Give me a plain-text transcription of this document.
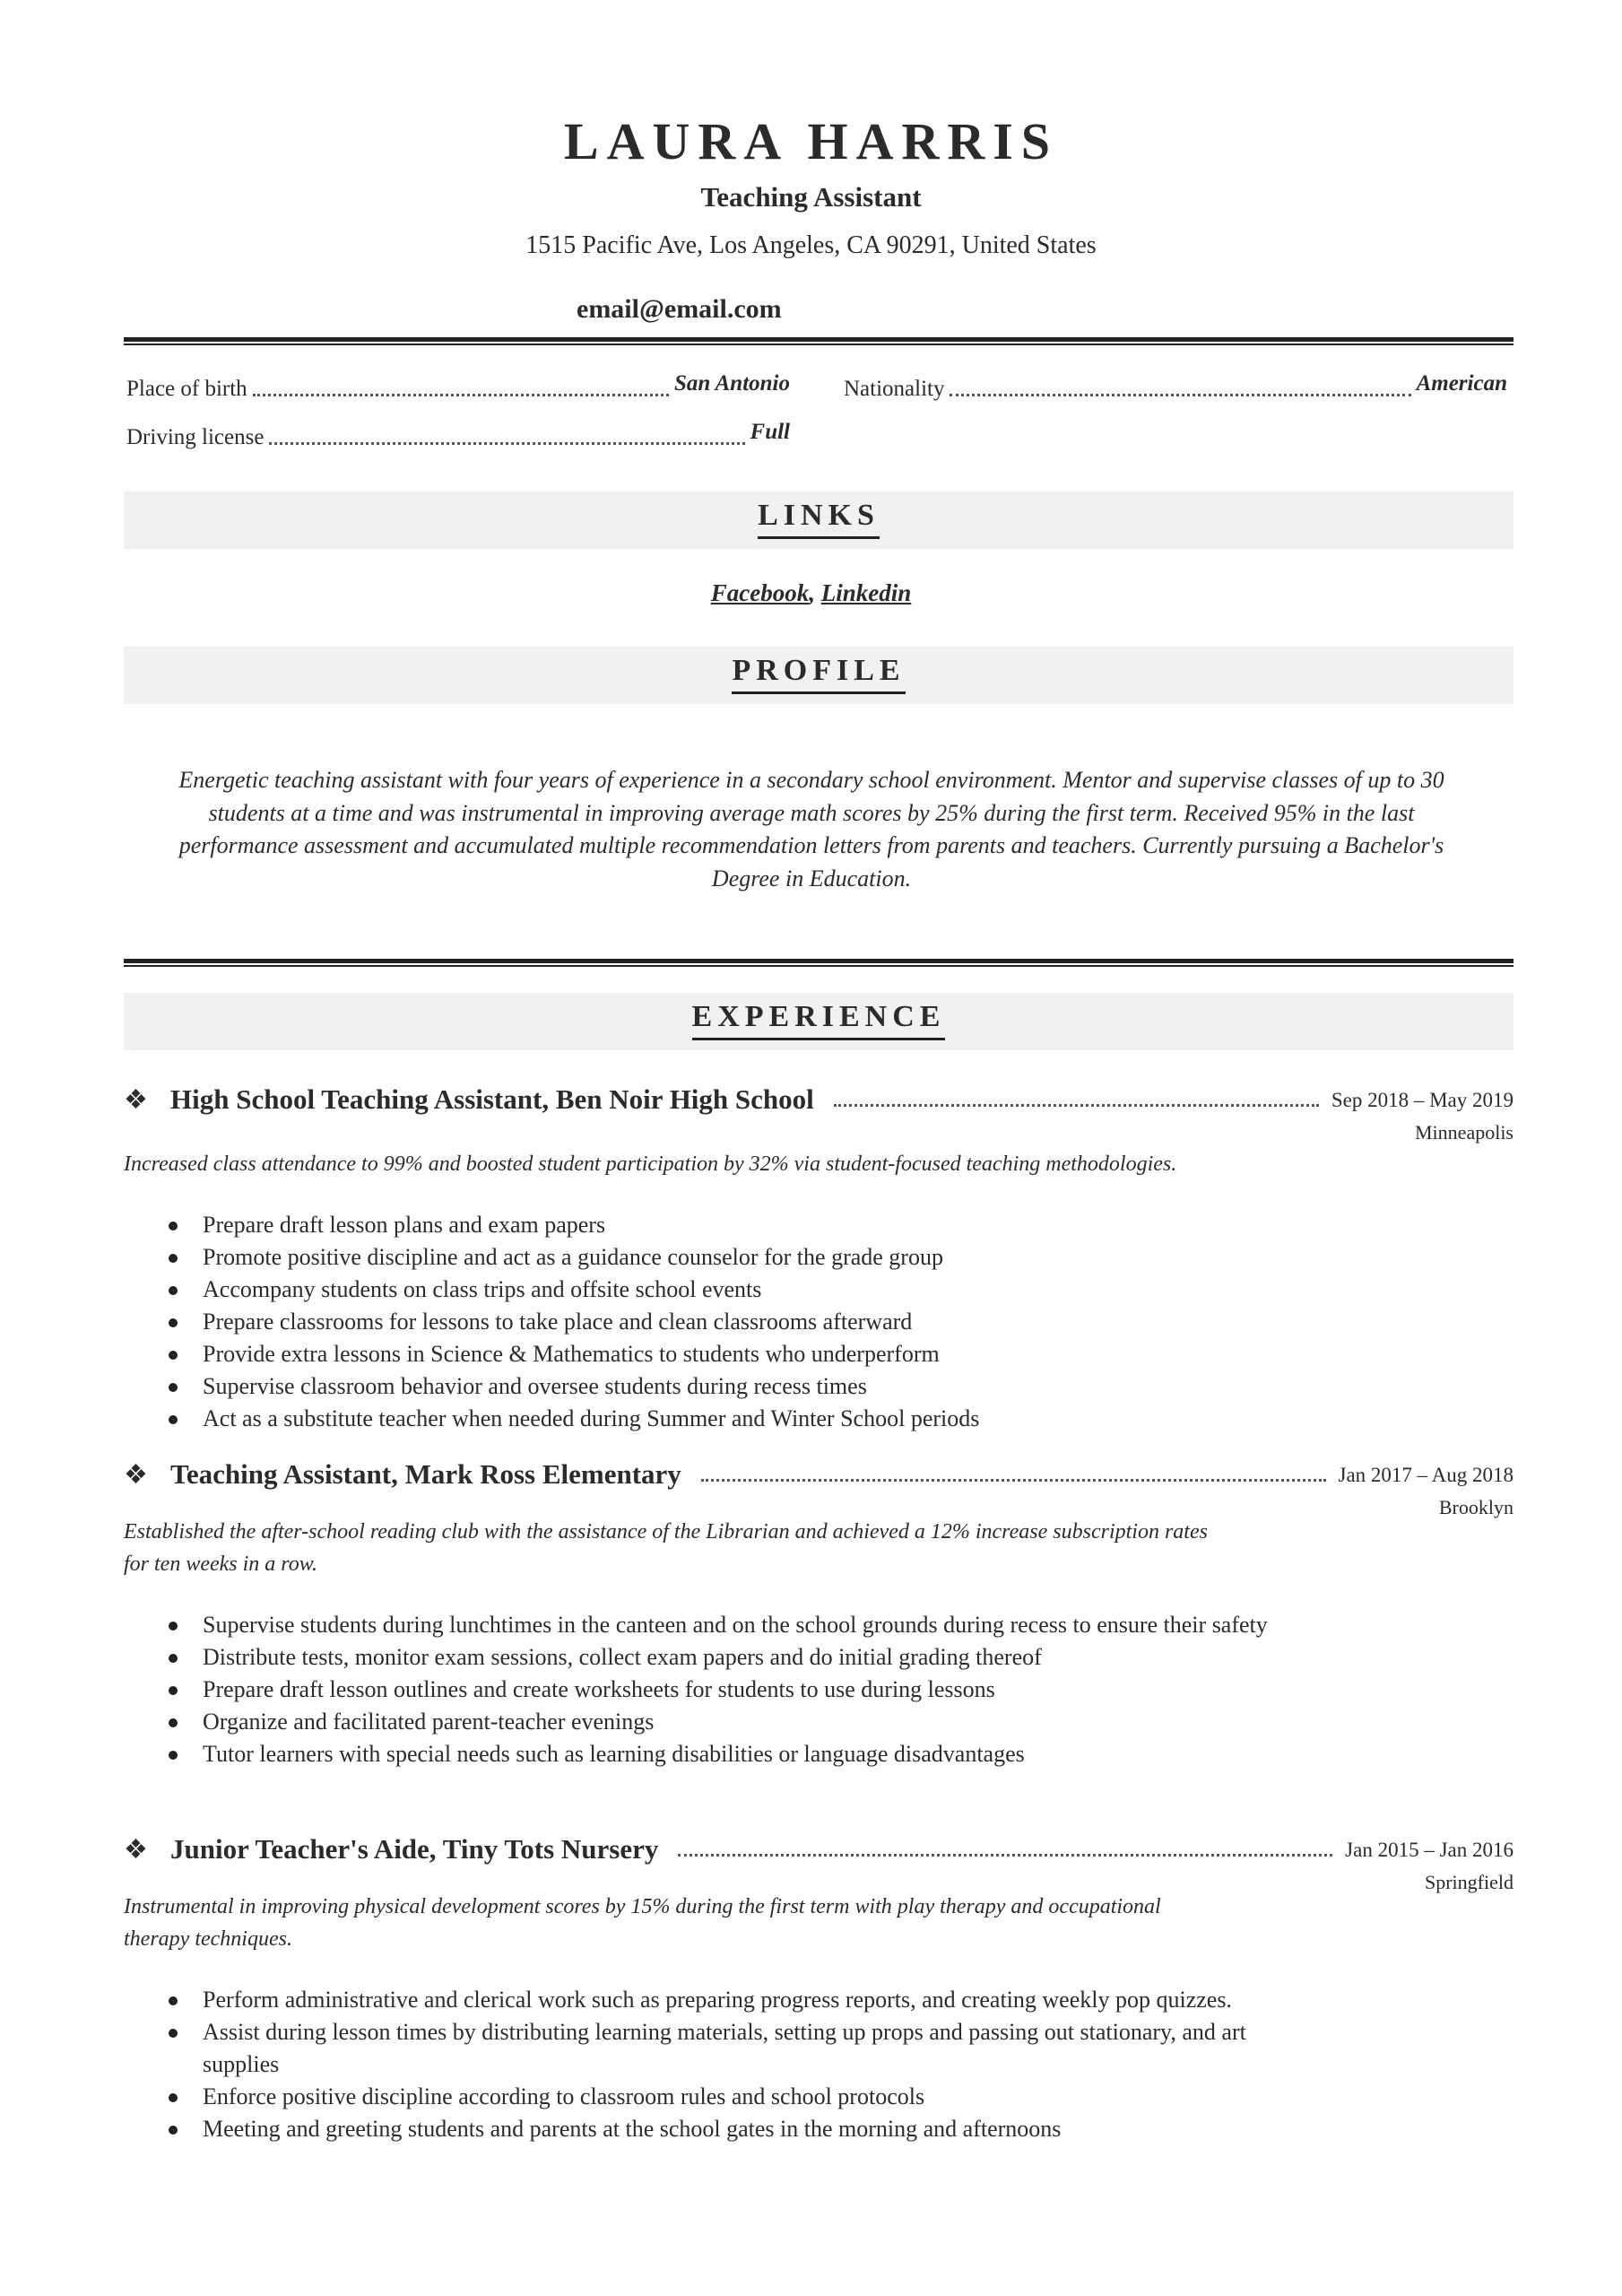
LAURA HARRIS
Teaching Assistant
1515 Pacific Ave, Los Angeles, CA 90291, United States
email@email.com
Place of birth	San Antonio Nationality	American
Driving license	Full
LINKS
Facebook, Linkedin
PROFILE
Energetic teaching assistant with four years of experience in a secondary school environment. Mentor and supervise classes of up to 30 students at a time and was instrumental in improving average math scores by 25% during the first term. Received 95% in the last performance assessment and accumulated multiple recommendation letters from parents and teachers. Currently pursuing a Bachelor's Degree in Education.
EXPERIENCE
❖ High School Teaching Assistant, Ben Noir High School	Sep 2018 – May 2019
Minneapolis
Increased class attendance to 99% and boosted student participation by 32% via student-focused teaching methodologies.
Prepare draft lesson plans and exam papers
Promote positive discipline and act as a guidance counselor for the grade group
Accompany students on class trips and offsite school events
Prepare classrooms for lessons to take place and clean classrooms afterward
Provide extra lessons in Science & Mathematics to students who underperform
Supervise classroom behavior and oversee students during recess times
Act as a substitute teacher when needed during Summer and Winter School periods
❖ Teaching Assistant, Mark Ross Elementary	Jan 2017 – Aug 2018
Brooklyn
Established the after-school reading club with the assistance of the Librarian and achieved a 12% increase subscription rates for ten weeks in a row.
Supervise students during lunchtimes in the canteen and on the school grounds during recess to ensure their safety
Distribute tests, monitor exam sessions, collect exam papers and do initial grading thereof
Prepare draft lesson outlines and create worksheets for students to use during lessons
Organize and facilitated parent-teacher evenings
Tutor learners with special needs such as learning disabilities or language disadvantages
❖ Junior Teacher's Aide, Tiny Tots Nursery	Jan 2015 – Jan 2016
Springfield
Instrumental in improving physical development scores by 15% during the first term with play therapy and occupational therapy techniques.
Perform administrative and clerical work such as preparing progress reports, and creating weekly pop quizzes.
Assist during lesson times by distributing learning materials, setting up props and passing out stationary, and art supplies
Enforce positive discipline according to classroom rules and school protocols
Meeting and greeting students and parents at the school gates in the morning and afternoons
